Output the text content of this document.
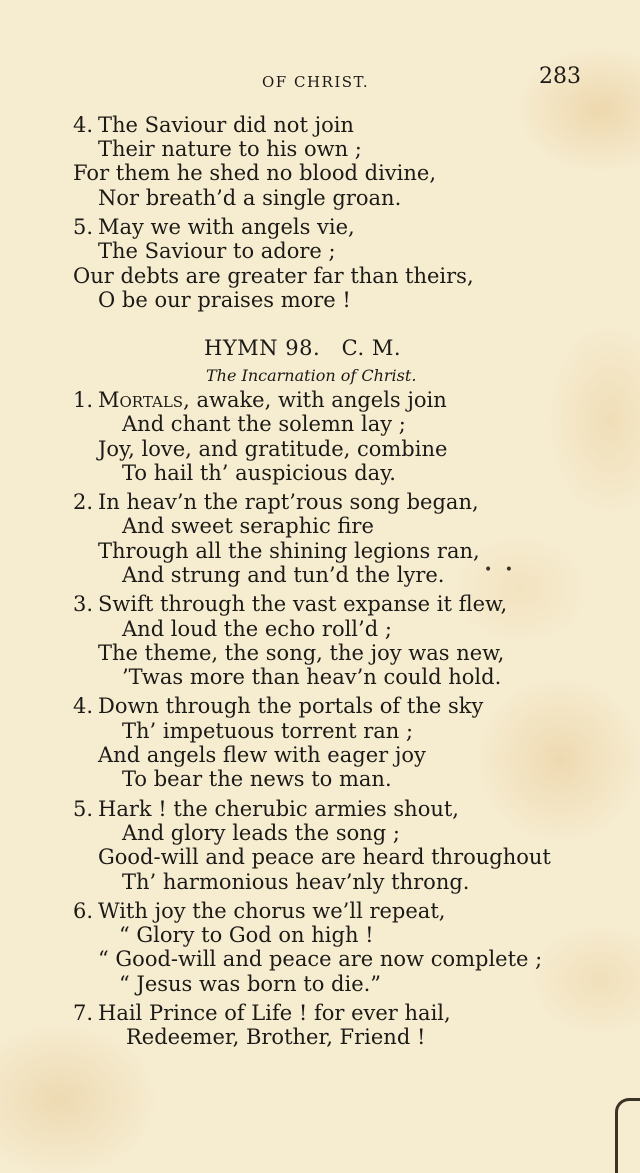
OF CHRIST.	283
4. The Saviour did not join
Their nature to his own ;
For them he shed no blood divine,
Nor breath’d a single groan.
5. May we with angels vie,
The Saviour to adore ;
Our debts are greater far than theirs,
O be our praises more !
HYMN 98.   C. M.
The Incarnation of Christ.
1. Mortals, awake, with angels join
And chant the solemn lay ;
Joy, love, and gratitude, combine
To hail th’ auspicious day.
2. In heav’n the rapt’rous song began,
And sweet seraphic fire
Through all the shining legions ran,
And strung and tun’d the lyre.
3. Swift through the vast expanse it flew,
And loud the echo roll’d ;
The theme, the song, the joy was new,
’Twas more than heav’n could hold.
4. Down through the portals of the sky
Th’ impetuous torrent ran ;
And angels flew with eager joy
To bear the news to man.
5. Hark ! the cherubic armies shout,
And glory leads the song ;
Good-will and peace are heard throughout
Th’ harmonious heav’nly throng.
6. With joy the chorus we’ll repeat,
“ Glory to God on high !
“ Good-will and peace are now complete ;
“ Jesus was born to die.”
7. Hail Prince of Life ! for ever hail,
Redeemer, Brother, Friend !
• •
